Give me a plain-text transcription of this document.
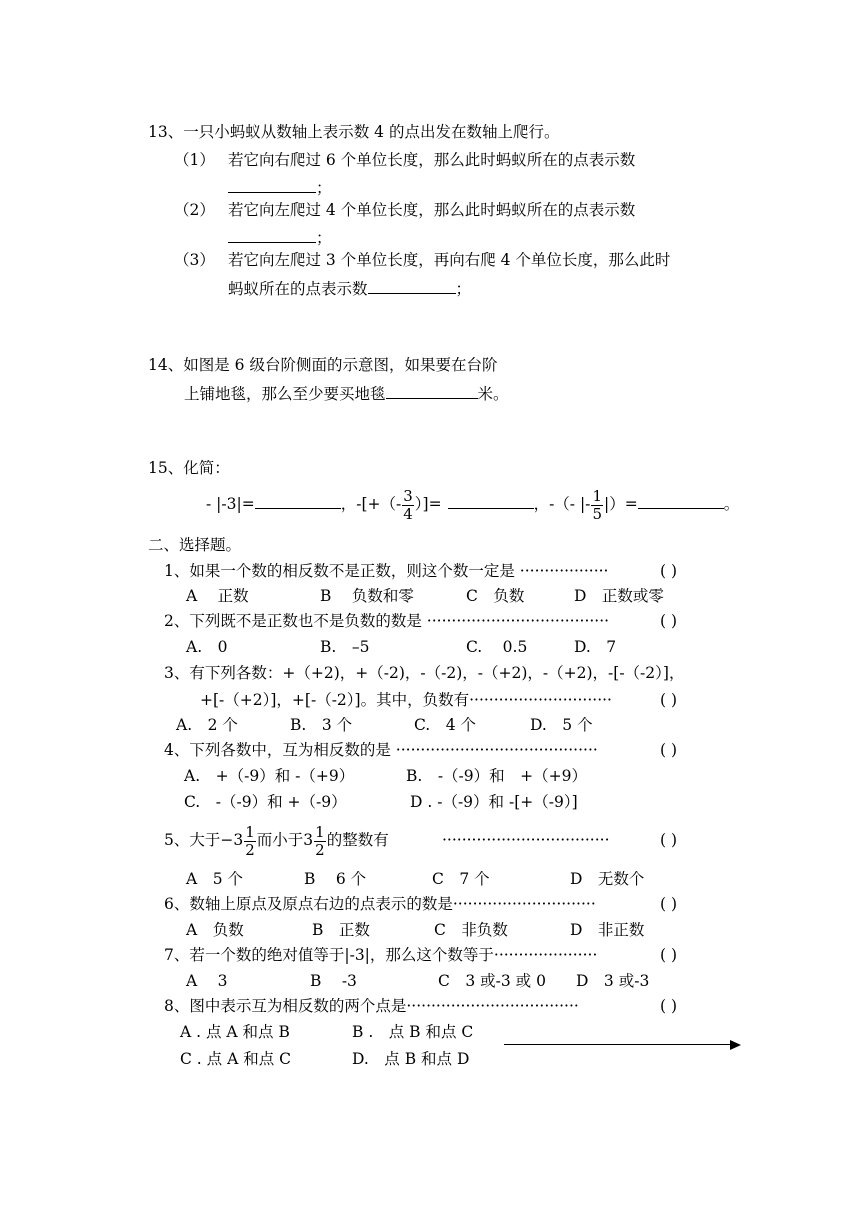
13、一只小蚂蚁从数轴上表示数 4 的点出发在数轴上爬行。
（1） 若它向右爬过 6 个单位长度，那么此时蚂蚁所在的点表示数
；
（2） 若它向左爬过 4 个单位长度，那么此时蚂蚁所在的点表示数
；
（3） 若它向左爬过 3 个单位长度，再向右爬 4 个单位长度，那么此时
蚂蚁所在的点表示数	；
14、如图是 6 级台阶侧面的示意图，如果要在台阶
上铺地毯，那么至少要买地毯	米。
15、化简：
- |-3|=	，-[+（- $\frac{3}{4}$ ）]=	，-（- |- $\frac{1}{5}$ |）=	。
二、选择题。
1、如果一个数的相反数不是正数，则这个数一定是 ··················	( )
A　 正数	B　 负数和零	C　负数	D　正数或零
2、下列既不是正数也不是负数的数是 ·····································	( )
A.　0	B.　–5	C.　 0.5	D.　7
3、有下列各数：+（+2)，+（-2)，-（-2)，-（+2)，-（+2)，-[-（-2）]，
+[-（+2）]，+[-（-2）]。其中，负数有·····························	( )
A.　2 个	B.　3 个	C.　4 个	D.　5 个
4、下列各数中，互为相反数的是 ·········································	( )
A.　+（-9）和 -（+9）	B.　-（-9）和　+（+9）
C.　-（-9）和 +（-9）	D . -（-9）和 -[+（-9）]
5、大于$-3 \frac{1}{2}$ 而小于$3 \frac{1}{2}$ 的整数有	··································	( )
A　5 个	B　 6 个	C　7 个	D　无数个
6、数轴上原点及原点右边的点表示的数是·····························	( )
A　负数	B　正数	C　非负数	D　非正数
7、若一个数的绝对值等于|-3|，那么这个数等于·····················	( )
A　 3	B　 -3	C　3 或-3 或 0 D　3 或-3
8、图中表示互为相反数的两个点是···································	( )
A . 点 A 和点 B	B .　点 B 和点 C
C . 点 A 和点 C	D.　点 B 和点 D
